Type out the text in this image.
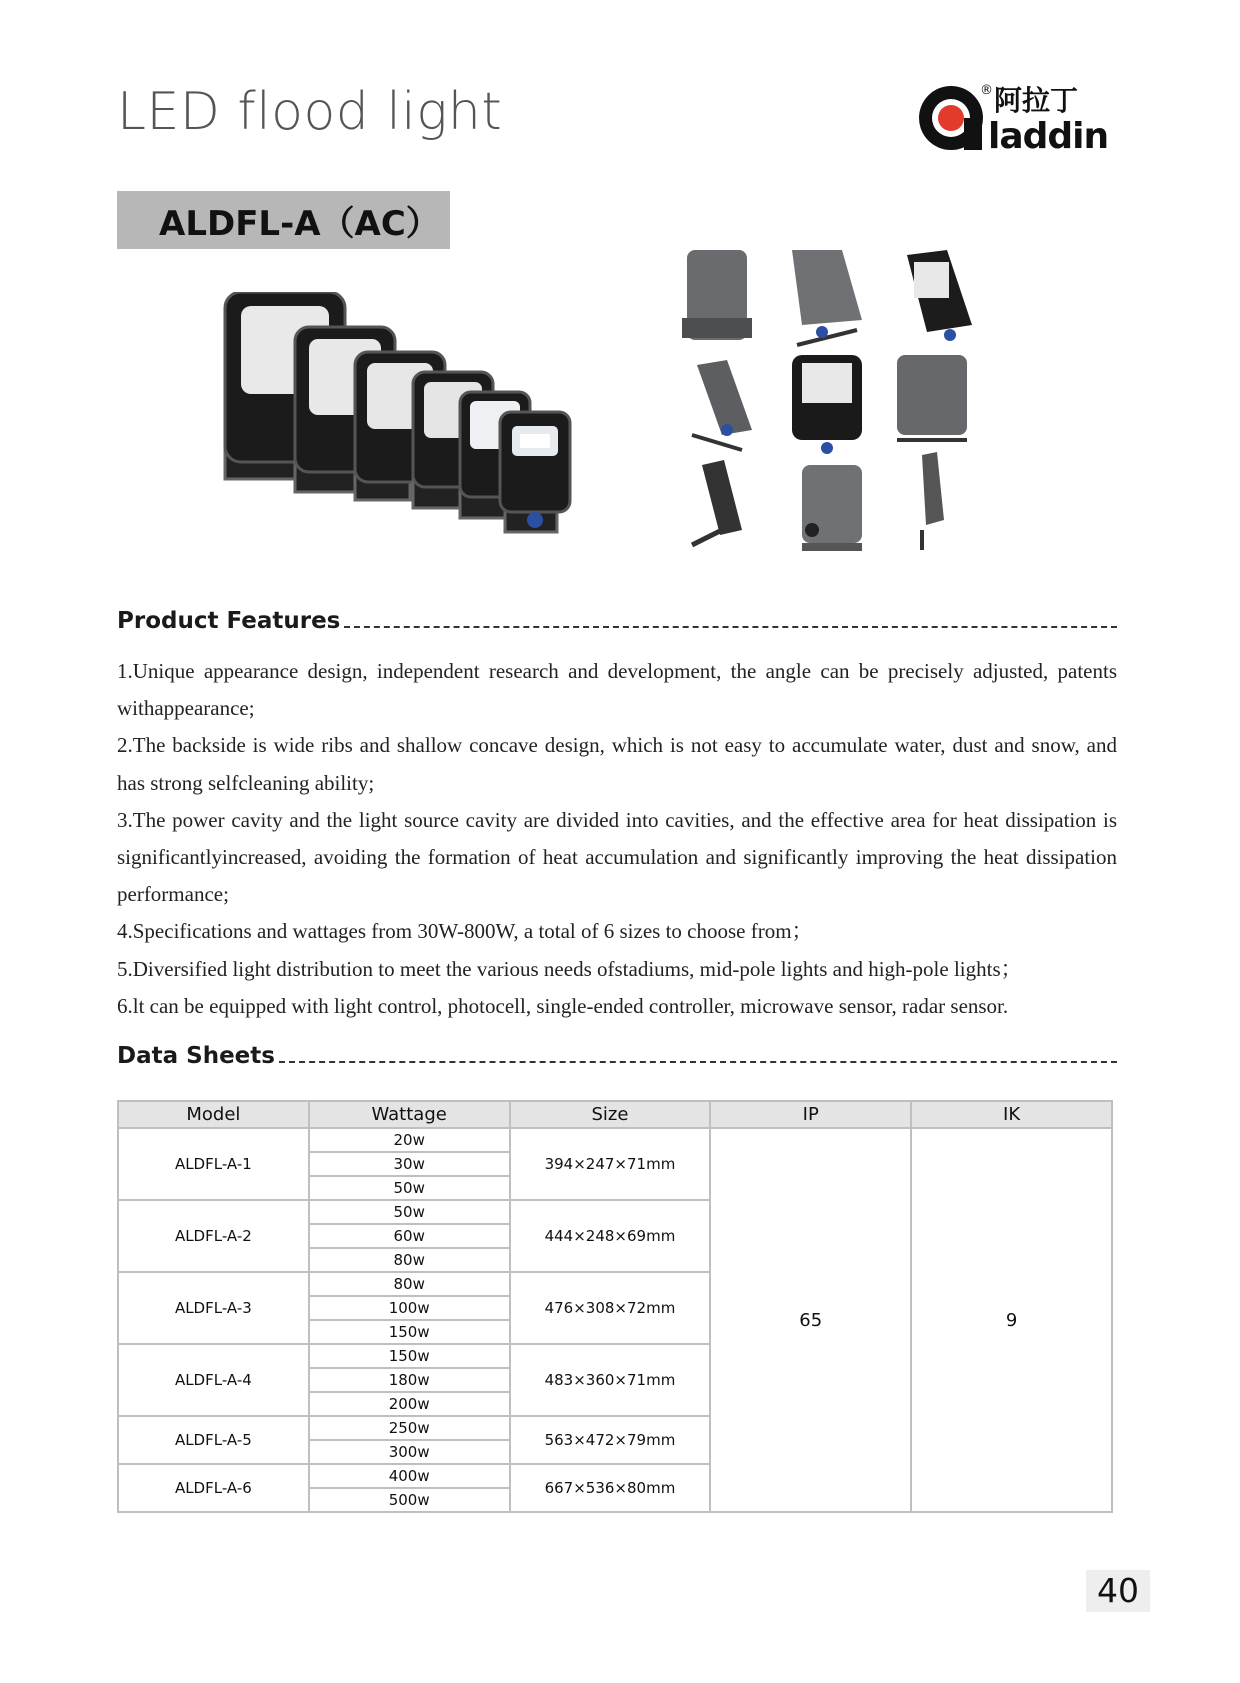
LED flood light	® 阿拉丁
laddin
ALDFL-A（AC）
Product Features

1.Unique appearance design, independent research and development, the angle can be precisely adjusted, patents withappearance;

2.The backside is wide ribs and shallow concave design, which is not easy to accumulate water, dust and snow, and has strong selfcleaning ability;

3.The power cavity and the light source cavity are divided into cavities, and the effective area for heat dissipation is significantlyincreased, avoiding the formation of heat accumulation and significantly improving the heat dissipation performance;

4.Specifications and wattages from 30W-800W, a total of 6 sizes to choose from；

5.Diversified light distribution to meet the various needs ofstadiums, mid-pole lights and high-pole lights；

6.lt can be equipped with light control, photocell, single-ended controller, microwave sensor, radar sensor.

Data Sheets
Model	Wattage	Size	IP	IK
ALDFL-A-1	20w	394×247×71mm	65	9
	30w			
	50w			
ALDFL-A-2	50w	444×248×69mm		
	60w			
	80w			
ALDFL-A-3	80w	476×308×72mm		
	100w			
	150w			
ALDFL-A-4	150w	483×360×71mm		
	180w			
	200w			
ALDFL-A-5	250w	563×472×79mm		
	300w			
ALDFL-A-6	400w	667×536×80mm		
	500w			
40
